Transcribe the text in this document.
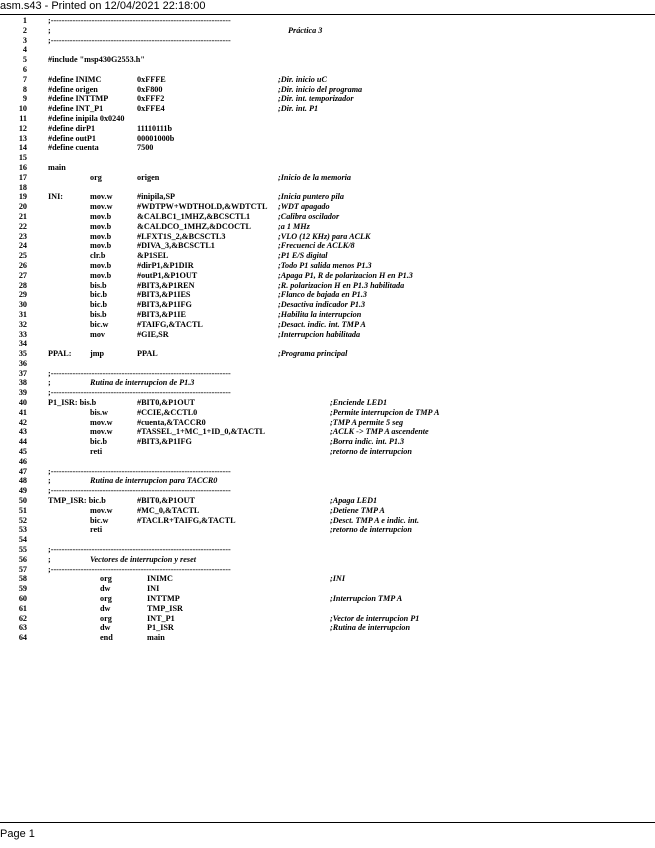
asm.s43 - Printed on 12/04/2021 22:18:00
1	;------------------------------------------------------------------
2	;	Práctica 3
3	;------------------------------------------------------------------
4
5	#include "msp430G2553.h"
6
7	#define INIMC	0xFFFE	;Dir. inicio uC
8	#define origen	0xF800	;Dir. inicio del programa
9	#define INTTMP	0xFFF2	;Dir. int. temporizador
10	#define INT_P1	0xFFE4	;Dir. int. P1
11	#define inipila 0x0240
12	#define dirP1	11110111b
13	#define outP1	00001000b
14	#define cuenta	7500
15
16	main
17	org	origen	;Inicio de la memoria
18
19	INI:	mov.w	#inipila,SP	;Inicia puntero pila
20	mov.w	#WDTPW+WDTHOLD,&WDTCTL ;WDT apagado
21	mov.b	&CALBC1_1MHZ,&BCSCTL1	;Calibra oscilador
22	mov.b	&CALDCO_1MHZ,&DCOCTL	;a 1 MHz
23	mov.b	#LFXT1S_2,&BCSCTL3	;VLO (12 KHz) para ACLK
24	mov.b	#DIVA_3,&BCSCTL1	;Frecuenci de ACLK/8
25	clr.b	&P1SEL	;P1 E/S digital
26	mov.b	#dirP1,&P1DIR	;Todo P1 salida menos P1.3
27	mov.b	#outP1,&P1OUT	;Apaga P1, R de polarizacion H en P1.3
28	bis.b	#BIT3,&P1REN	;R. polarizacion H en P1.3 habilitada
29	bic.b	#BIT3,&P1IES	;Flanco de bajada en P1.3
30	bic.b	#BIT3,&P1IFG	;Desactiva indicador P1.3
31	bis.b	#BIT3,&P1IE	;Habilita la interrupcion
32	bic.w	#TAIFG,&TACTL	;Desact. indic. int. TMP A
33	mov	#GIE,SR	;Interrupcion habilitada
34
35	PPAL: jmp	PPAL	;Programa principal
36
37	;------------------------------------------------------------------
38	;	Rutina de interrupcion de P1.3
39	;------------------------------------------------------------------
40	P1_ISR: bis.b	#BIT0,&P1OUT	;Enciende LED1
41	bis.w	#CCIE,&CCTL0	;Permite interrupcion de TMP A
42	mov.w	#cuenta,&TACCR0	;TMP A permite 5 seg
43	mov.w	#TASSEL_1+MC_1+ID_0,&TACTL	;ACLK -> TMP A ascendente
44	bic.b	#BIT3,&P1IFG	;Borra indic. int. P1.3
45	reti	;retorno de interrupcion
46
47	;------------------------------------------------------------------
48	;	Rutina de interrupcion para TACCR0
49	;------------------------------------------------------------------
50	TMP_ISR: bic.b	#BIT0,&P1OUT	;Apaga LED1
51	mov.w	#MC_0,&TACTL	;Detiene TMP A
52	bic.w	#TACLR+TAIFG,&TACTL	;Desct. TMP A e indic. int.
53	reti	;retorno de interrupcion
54
55	;------------------------------------------------------------------
56	;	Vectores de interrupcion y reset
57	;------------------------------------------------------------------
58	org	INIMC	;INI
59	dw	INI
60	org	INTTMP	;Interrupcion TMP A
61	dw	TMP_ISR
62	org	INT_P1	;Vector de interrupcion P1
63	dw	P1_ISR	;Rutina de interrupcion
64	end	main
Page 1
